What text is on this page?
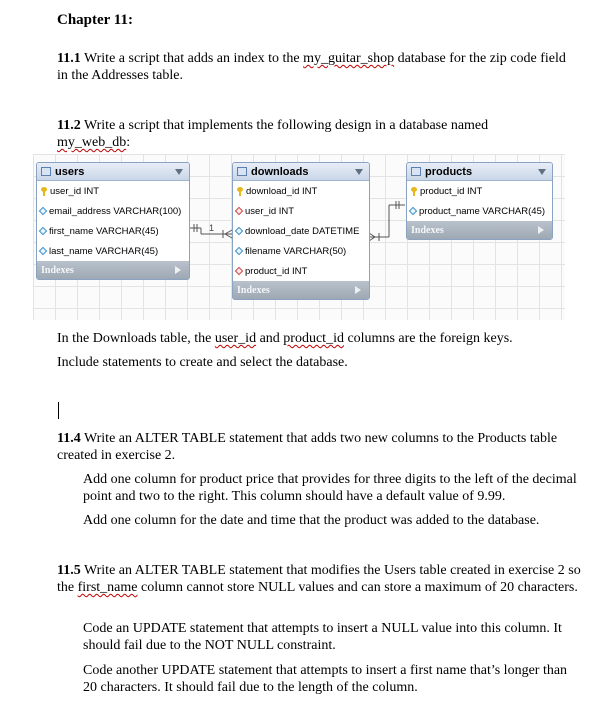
Chapter 11:
11.1 Write a script that adds an index to the my_guitar_shop database for the zip code field in the Addresses table.
11.2 Write a script that implements the following design in a database named my_web_db:
1
users
user_id INT
email_address VARCHAR(100)
first_name VARCHAR(45)
last_name VARCHAR(45)
Indexes
downloads
download_id INT
user_id INT
download_date DATETIME
filename VARCHAR(50)
product_id INT
Indexes
products
product_id INT
product_name VARCHAR(45)
Indexes
In the Downloads table, the user_id and product_id columns are the foreign keys.
Include statements to create and select the database.
11.4 Write an ALTER TABLE statement that adds two new columns to the Products table created in exercise 2.
Add one column for product price that provides for three digits to the left of the decimal point and two to the right. This column should have a default value of 9.99.
Add one column for the date and time that the product was added to the database.
11.5 Write an ALTER TABLE statement that modifies the Users table created in exercise 2 so the first_name column cannot store NULL values and can store a maximum of 20 characters.
Code an UPDATE statement that attempts to insert a NULL value into this column. It should fail due to the NOT NULL constraint.
Code another UPDATE statement that attempts to insert a first name that’s longer than 20 characters. It should fail due to the length of the column.
